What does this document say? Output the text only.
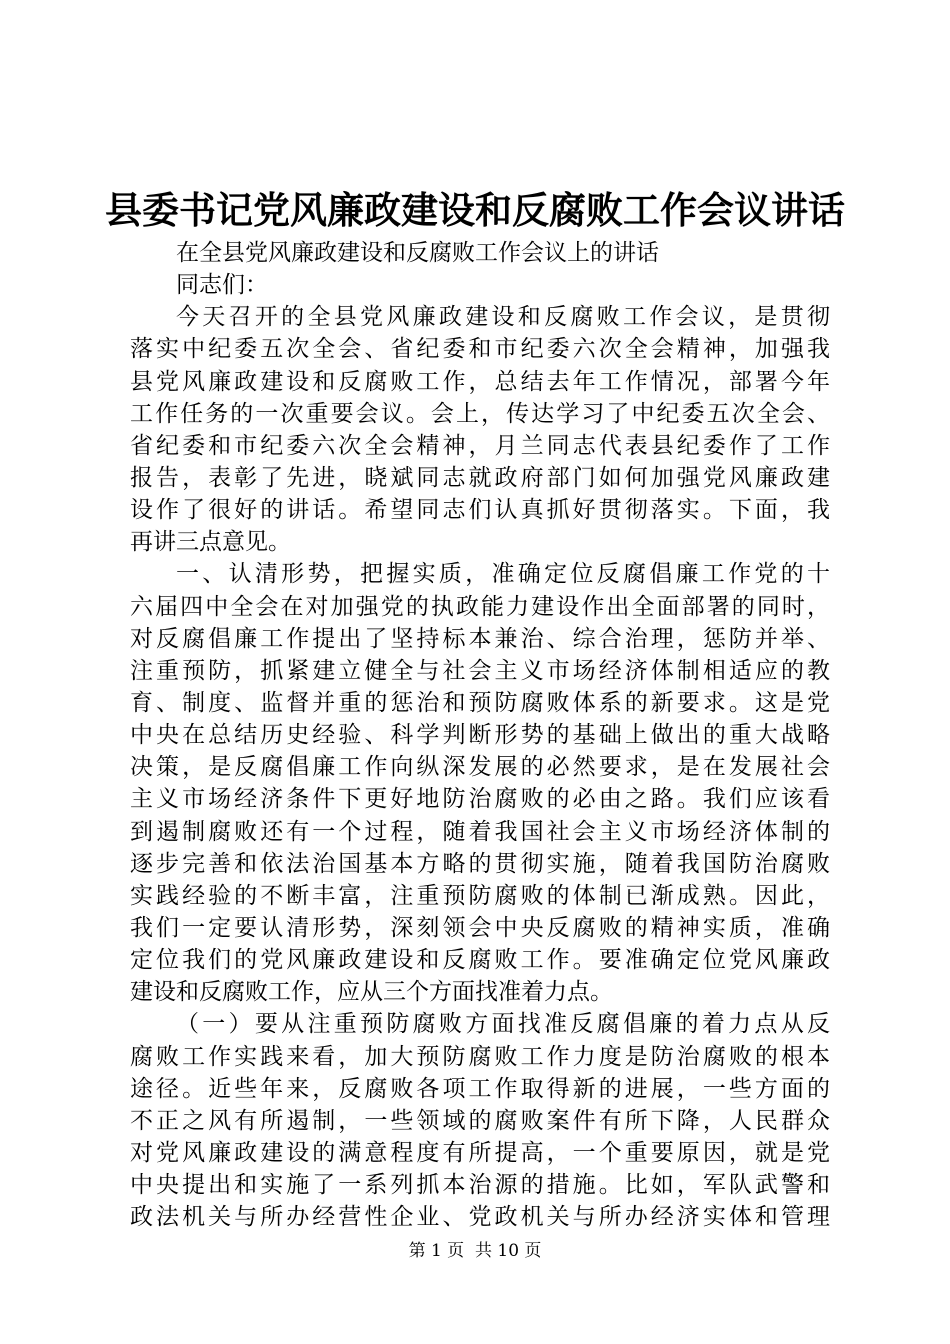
县委书记党风廉政建设和反腐败工作会议讲话
在全县党风廉政建设和反腐败工作会议上的讲话
同志们：
今天召开的全县党风廉政建设和反腐败工作会议，是贯彻
落实中纪委五次全会、省纪委和市纪委六次全会精神，加强我
县党风廉政建设和反腐败工作，总结去年工作情况，部署今年
工作任务的一次重要会议。会上，传达学习了中纪委五次全会、
省纪委和市纪委六次全会精神，月兰同志代表县纪委作了工作
报告，表彰了先进，晓斌同志就政府部门如何加强党风廉政建
设作了很好的讲话。希望同志们认真抓好贯彻落实。下面，我
再讲三点意见。
一、认清形势，把握实质，准确定位反腐倡廉工作党的十
六届四中全会在对加强党的执政能力建设作出全面部署的同时，
对反腐倡廉工作提出了坚持标本兼治、综合治理，惩防并举、
注重预防，抓紧建立健全与社会主义市场经济体制相适应的教
育、制度、监督并重的惩治和预防腐败体系的新要求。这是党
中央在总结历史经验、科学判断形势的基础上做出的重大战略
决策，是反腐倡廉工作向纵深发展的必然要求，是在发展社会
主义市场经济条件下更好地防治腐败的必由之路。我们应该看
到遏制腐败还有一个过程，随着我国社会主义市场经济体制的
逐步完善和依法治国基本方略的贯彻实施，随着我国防治腐败
实践经验的不断丰富，注重预防腐败的体制已渐成熟。因此，
我们一定要认清形势，深刻领会中央反腐败的精神实质，准确
定位我们的党风廉政建设和反腐败工作。要准确定位党风廉政
建设和反腐败工作，应从三个方面找准着力点。
（一）要从注重预防腐败方面找准反腐倡廉的着力点从反
腐败工作实践来看，加大预防腐败工作力度是防治腐败的根本
途径。近些年来，反腐败各项工作取得新的进展，一些方面的
不正之风有所遏制，一些领域的腐败案件有所下降，人民群众
对党风廉政建设的满意程度有所提高，一个重要原因，就是党
中央提出和实施了一系列抓本治源的措施。比如，军队武警和
政法机关与所办经营性企业、党政机关与所办经济实体和管理
第 1 页  共 10 页
